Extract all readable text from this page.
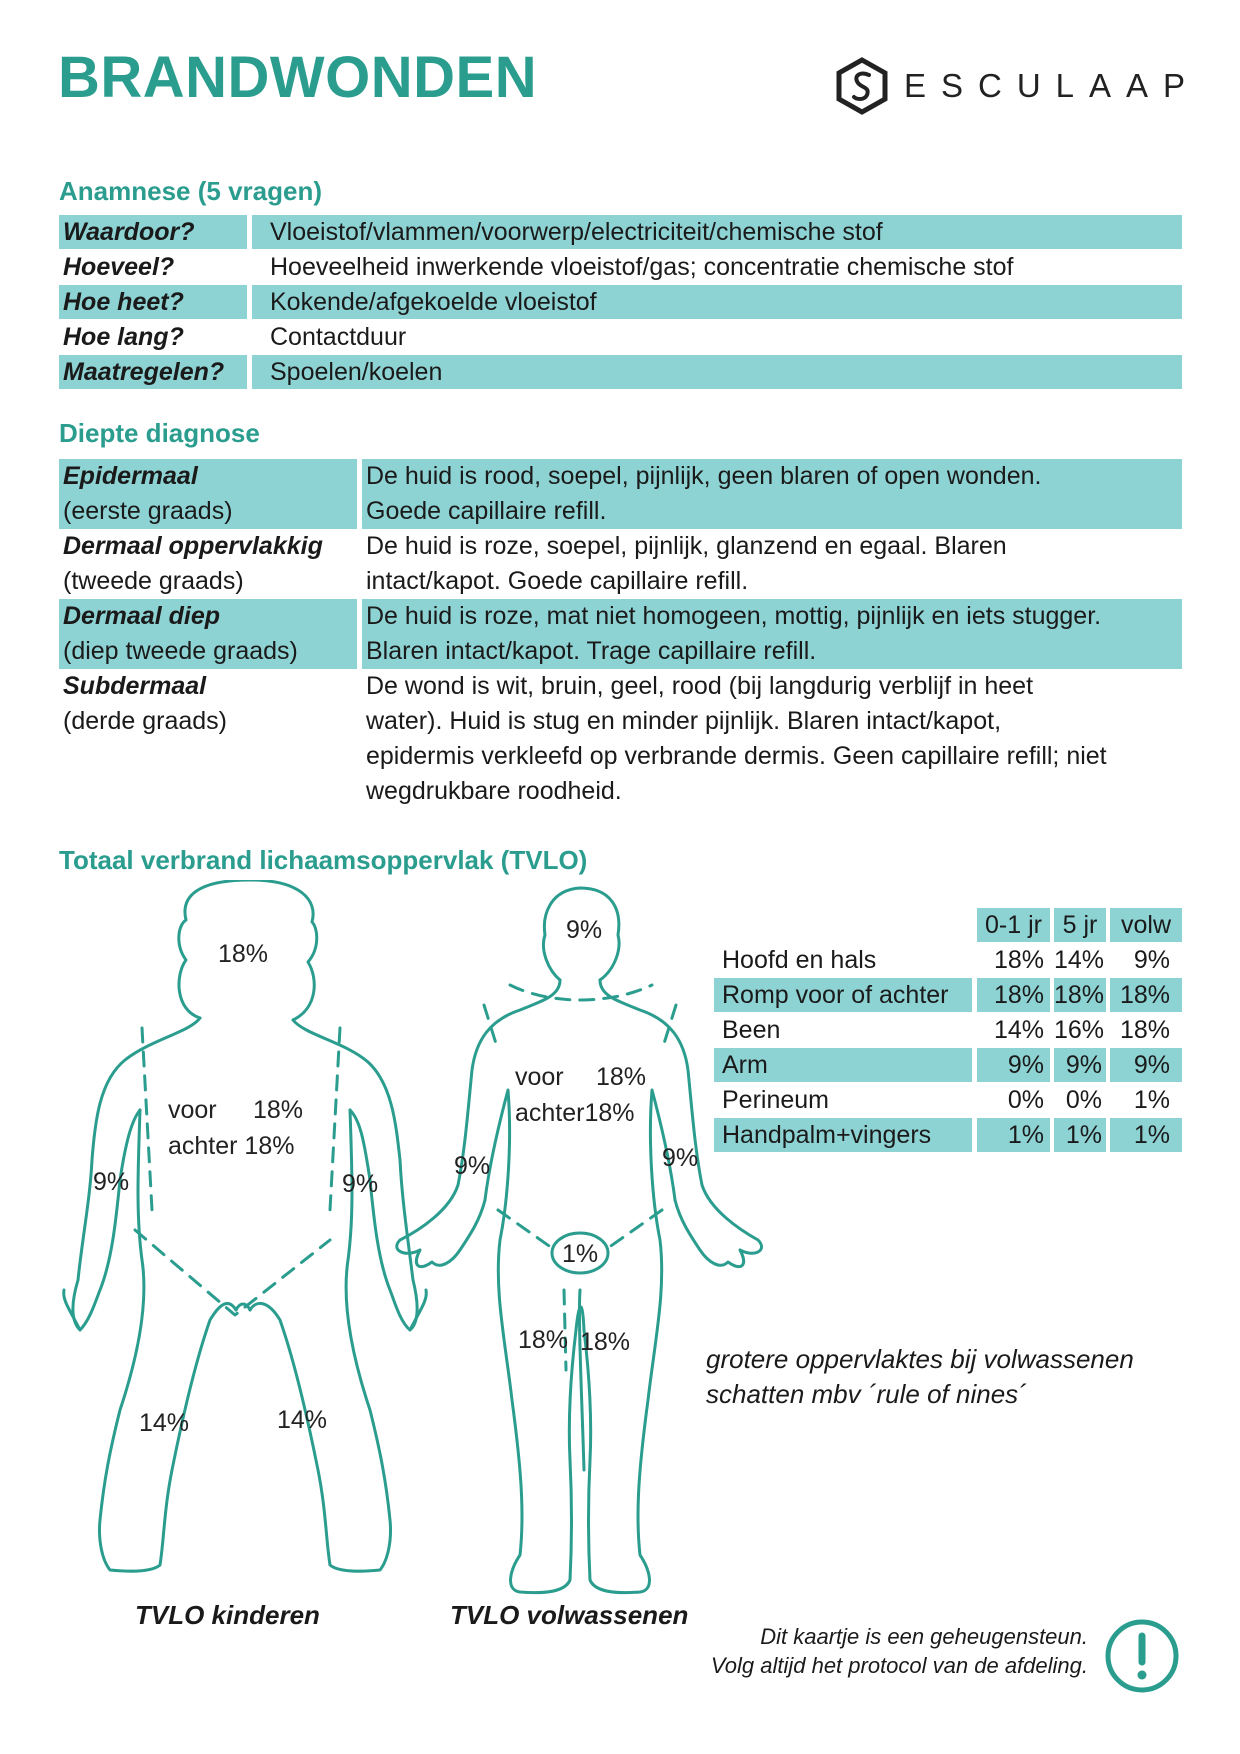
BRANDWONDEN	ESCULAAP
Anamnese (5 vragen)
Waardoor?	Vloeistof/vlammen/voorwerp/electriciteit/chemische stof
Hoeveel?	Hoeveelheid inwerkende vloeistof/gas; concentratie chemische stof
Hoe heet?	Kokende/afgekoelde vloeistof
Hoe lang?	Contactduur
Maatregelen?	Spoelen/koelen
Diepte diagnose
Epidermaal
(eerste graads)
De huid is rood, soepel, pijnlijk, geen blaren of open wonden.
Goede capillaire refill.
Dermaal oppervlakkig
(tweede graads)
De huid is roze, soepel, pijnlijk, glanzend en egaal. Blaren
intact/kapot. Goede capillaire refill.
Dermaal diep
(diep tweede graads)
De huid is roze, mat niet homogeen, mottig, pijnlijk en iets stugger.
Blaren intact/kapot. Trage capillaire refill.
Subdermaal
(derde graads)
De wond is wit, bruin, geel, rood (bij langdurig verblijf in heet
water). Huid is stug en minder pijnlijk. Blaren intact/kapot,
epidermis verkleefd op verbrande dermis. Geen capillaire refill; niet
wegdrukbare roodheid.
Totaal verbrand lichaamsoppervlak (TVLO)
18%
voor 18%
achter 18%
9%	9%
14%	14%
TVLO kinderen
9%
voor 18%
achter18%
9%	9%
1%
18% 18%
TVLO volwassenen
0-1 jr 5 jr volw
Hoofd en hals	18% 14%	9%
Romp voor of achter	18% 18% 18%
Been	14% 16% 18%
Arm	9% 9%	9%
Perineum	0% 0%	1%
Handpalm+vingers	1% 1%	1%
grotere oppervlaktes bij volwassenen
schatten mbv ´rule of nines´
Dit kaartje is een geheugensteun.
Volg altijd het protocol van de afdeling.
